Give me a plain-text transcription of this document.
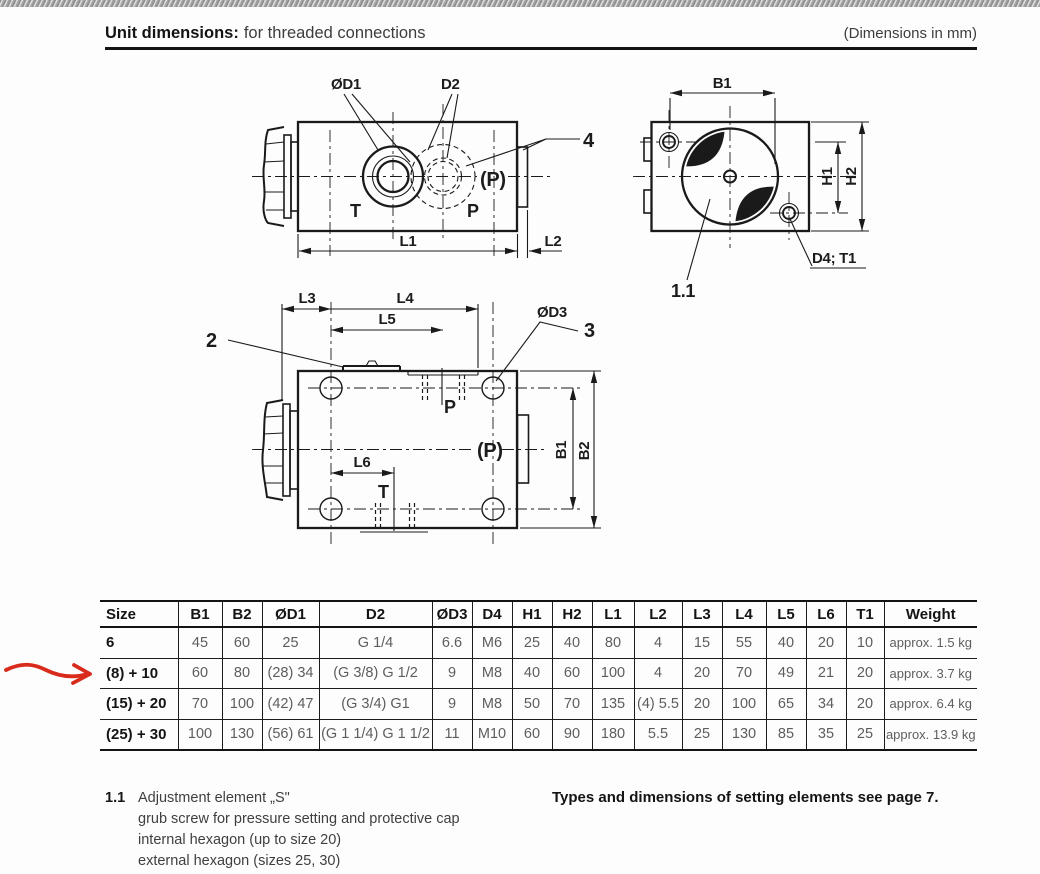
Unit dimensions: for threaded connections	(Dimensions in mm)
ØD1	D2
4
T	P
(P)
L1	L2
B1
H1 H2
D4; T1
1.1
2
L3	L4
L5	ØD3
3
P
(P)
T
L6
B1 B2
Size	B1	B2	ØD1	D2	ØD3	D4	H1	H2	L1	L2	L3	L4	L5	L6	T1	Weight
6	45	60	25	G 1/4	6.6	M6	25	40	80	4	15	55	40	20	10	approx. 1.5 kg
(8) + 10	60	80	(28) 34	(G 3/8) G 1/2	9	M8	40	60	100	4	20	70	49	21	20	approx. 3.7 kg
(15) + 20	70	100	(42) 47	(G 3/4) G1	9	M8	50	70	135	(4) 5.5	20	100	65	34	20	approx. 6.4 kg
(25) + 30	100	130	(56) 61	(G 1 1/4) G 1 1/2	11	M10	60	90	180	5.5	25	130	85	35	25	approx. 13.9 kg
1.1 Adjustment element „S"
grub screw for pressure setting and protective cap
internal hexagon (up to size 20)
external hexagon (sizes 25, 30)
Types and dimensions of setting elements see page 7.
